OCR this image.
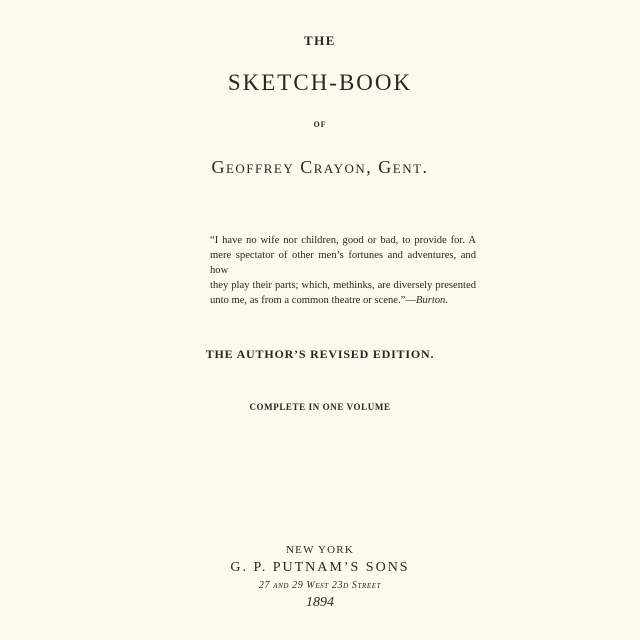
THE
SKETCH-BOOK
OF
Geoffrey Crayon, Gent.
“I have no wife nor children, good or bad, to provide for. A
mere spectator of other men’s fortunes and adventures, and how
they play their parts; which, methinks, are diversely presented
unto me, as from a common theatre or scene.”—Burton.
THE AUTHOR’S REVISED EDITION.
COMPLETE IN ONE VOLUME
NEW YORK
G. P. PUTNAM’S SONS
27 and 29 West 23d Street
1894
